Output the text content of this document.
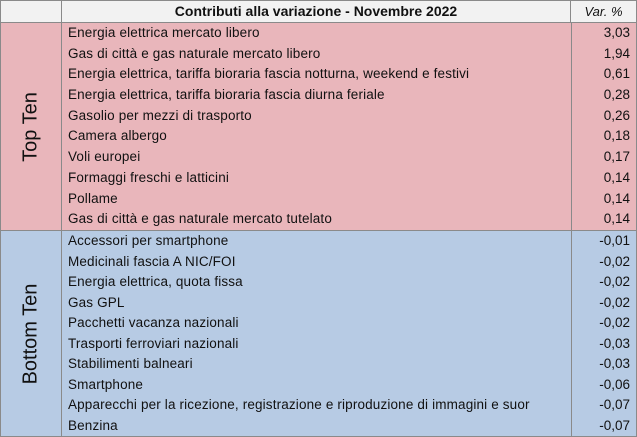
Contributi alla variazione - Novembre 2022	Var. %
Top Ten
Energia elettrica mercato libero	3,03
Gas di città e gas naturale mercato libero	1,94
Energia elettrica, tariffa bioraria fascia notturna, weekend e festivi	0,61
Energia elettrica, tariffa bioraria fascia diurna feriale	0,28
Gasolio per mezzi di trasporto	0,26
Camera albergo	0,18
Voli europei	0,17
Formaggi freschi e latticini	0,14
Pollame	0,14
Gas di città e gas naturale mercato tutelato	0,14
Bottom Ten
Accessori per smartphone	-0,01
Medicinali fascia A NIC/FOI	-0,02
Energia elettrica, quota fissa	-0,02
Gas GPL	-0,02
Pacchetti vacanza nazionali	-0,02
Trasporti ferroviari nazionali	-0,03
Stabilimenti balneari	-0,03
Smartphone	-0,06
Apparecchi per la ricezione, registrazione e riproduzione di immagini e suor	-0,07
Benzina	-0,07
